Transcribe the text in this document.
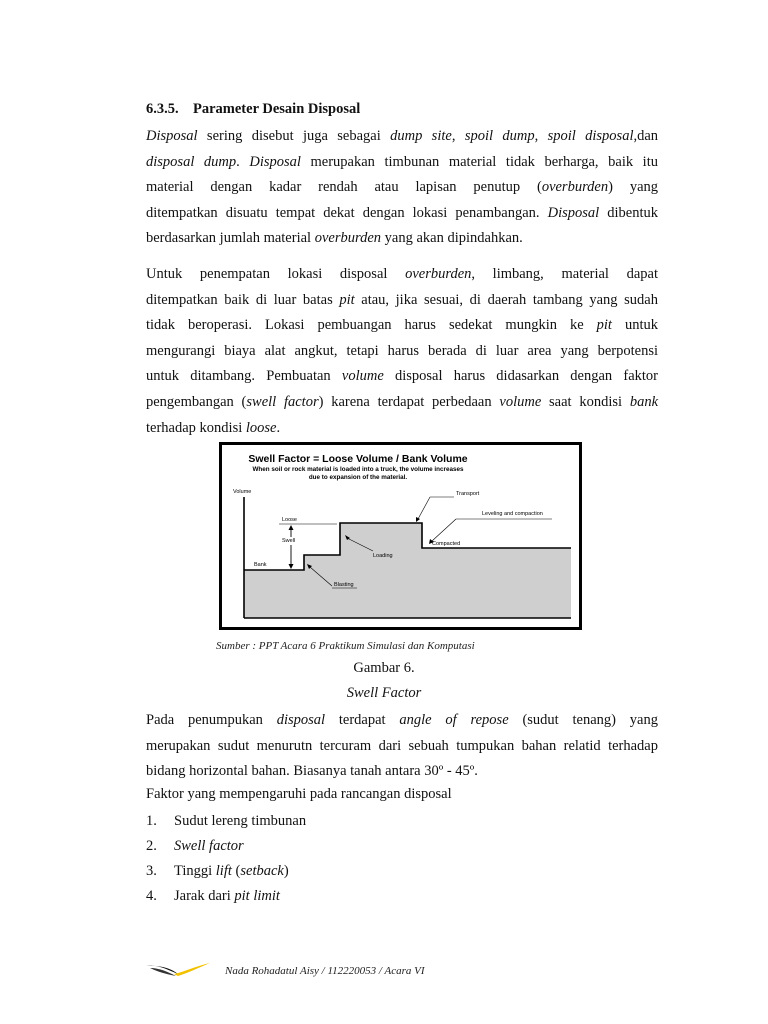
6.3.5. Parameter Desain Disposal
Disposal sering disebut juga sebagai dump site, spoil dump, spoil disposal,dan
disposal dump. Disposal merupakan timbunan material tidak berharga, baik itu
material dengan kadar rendah atau lapisan penutup (overburden) yang
ditempatkan disuatu tempat dekat dengan lokasi penambangan. Disposal dibentuk
berdasarkan jumlah material overburden yang akan dipindahkan.
Untuk penempatan lokasi disposal overburden, limbang, material dapat
ditempatkan baik di luar batas pit atau, jika sesuai, di daerah tambang yang sudah
tidak beroperasi. Lokasi pembuangan harus sedekat mungkin ke pit untuk
mengurangi biaya alat angkut, tetapi harus berada di luar area yang berpotensi
untuk ditambang. Pembuatan volume disposal harus didasarkan dengan faktor
pengembangan (swell factor) karena terdapat perbedaan volume saat kondisi bank
terhadap kondisi loose.
Swell Factor = Loose Volume / Bank Volume
When soil or rock material is loaded into a truck, the volume increases
due to expansion of the material.
Volume
Bank
Loose
Swell
Loading
Blasting
Transport
Leveling and compaction
Compacted
Sumber : PPT Acara 6 Praktikum Simulasi dan Komputasi
Gambar 6.
Swell Factor
Pada penumpukan disposal terdapat angle of repose (sudut tenang) yang
merupakan sudut menurutn tercuram dari sebuah tumpukan bahan relatid terhadap
bidang horizontal bahan. Biasanya tanah antara 30º - 45º.
Faktor yang mempengaruhi pada rancangan disposal
1. Sudut lereng timbunan
2. Swell factor
3. Tinggi lift (setback)
4. Jarak dari pit limit
Nada Rohadatul Aisy / 112220053 / Acara VI
